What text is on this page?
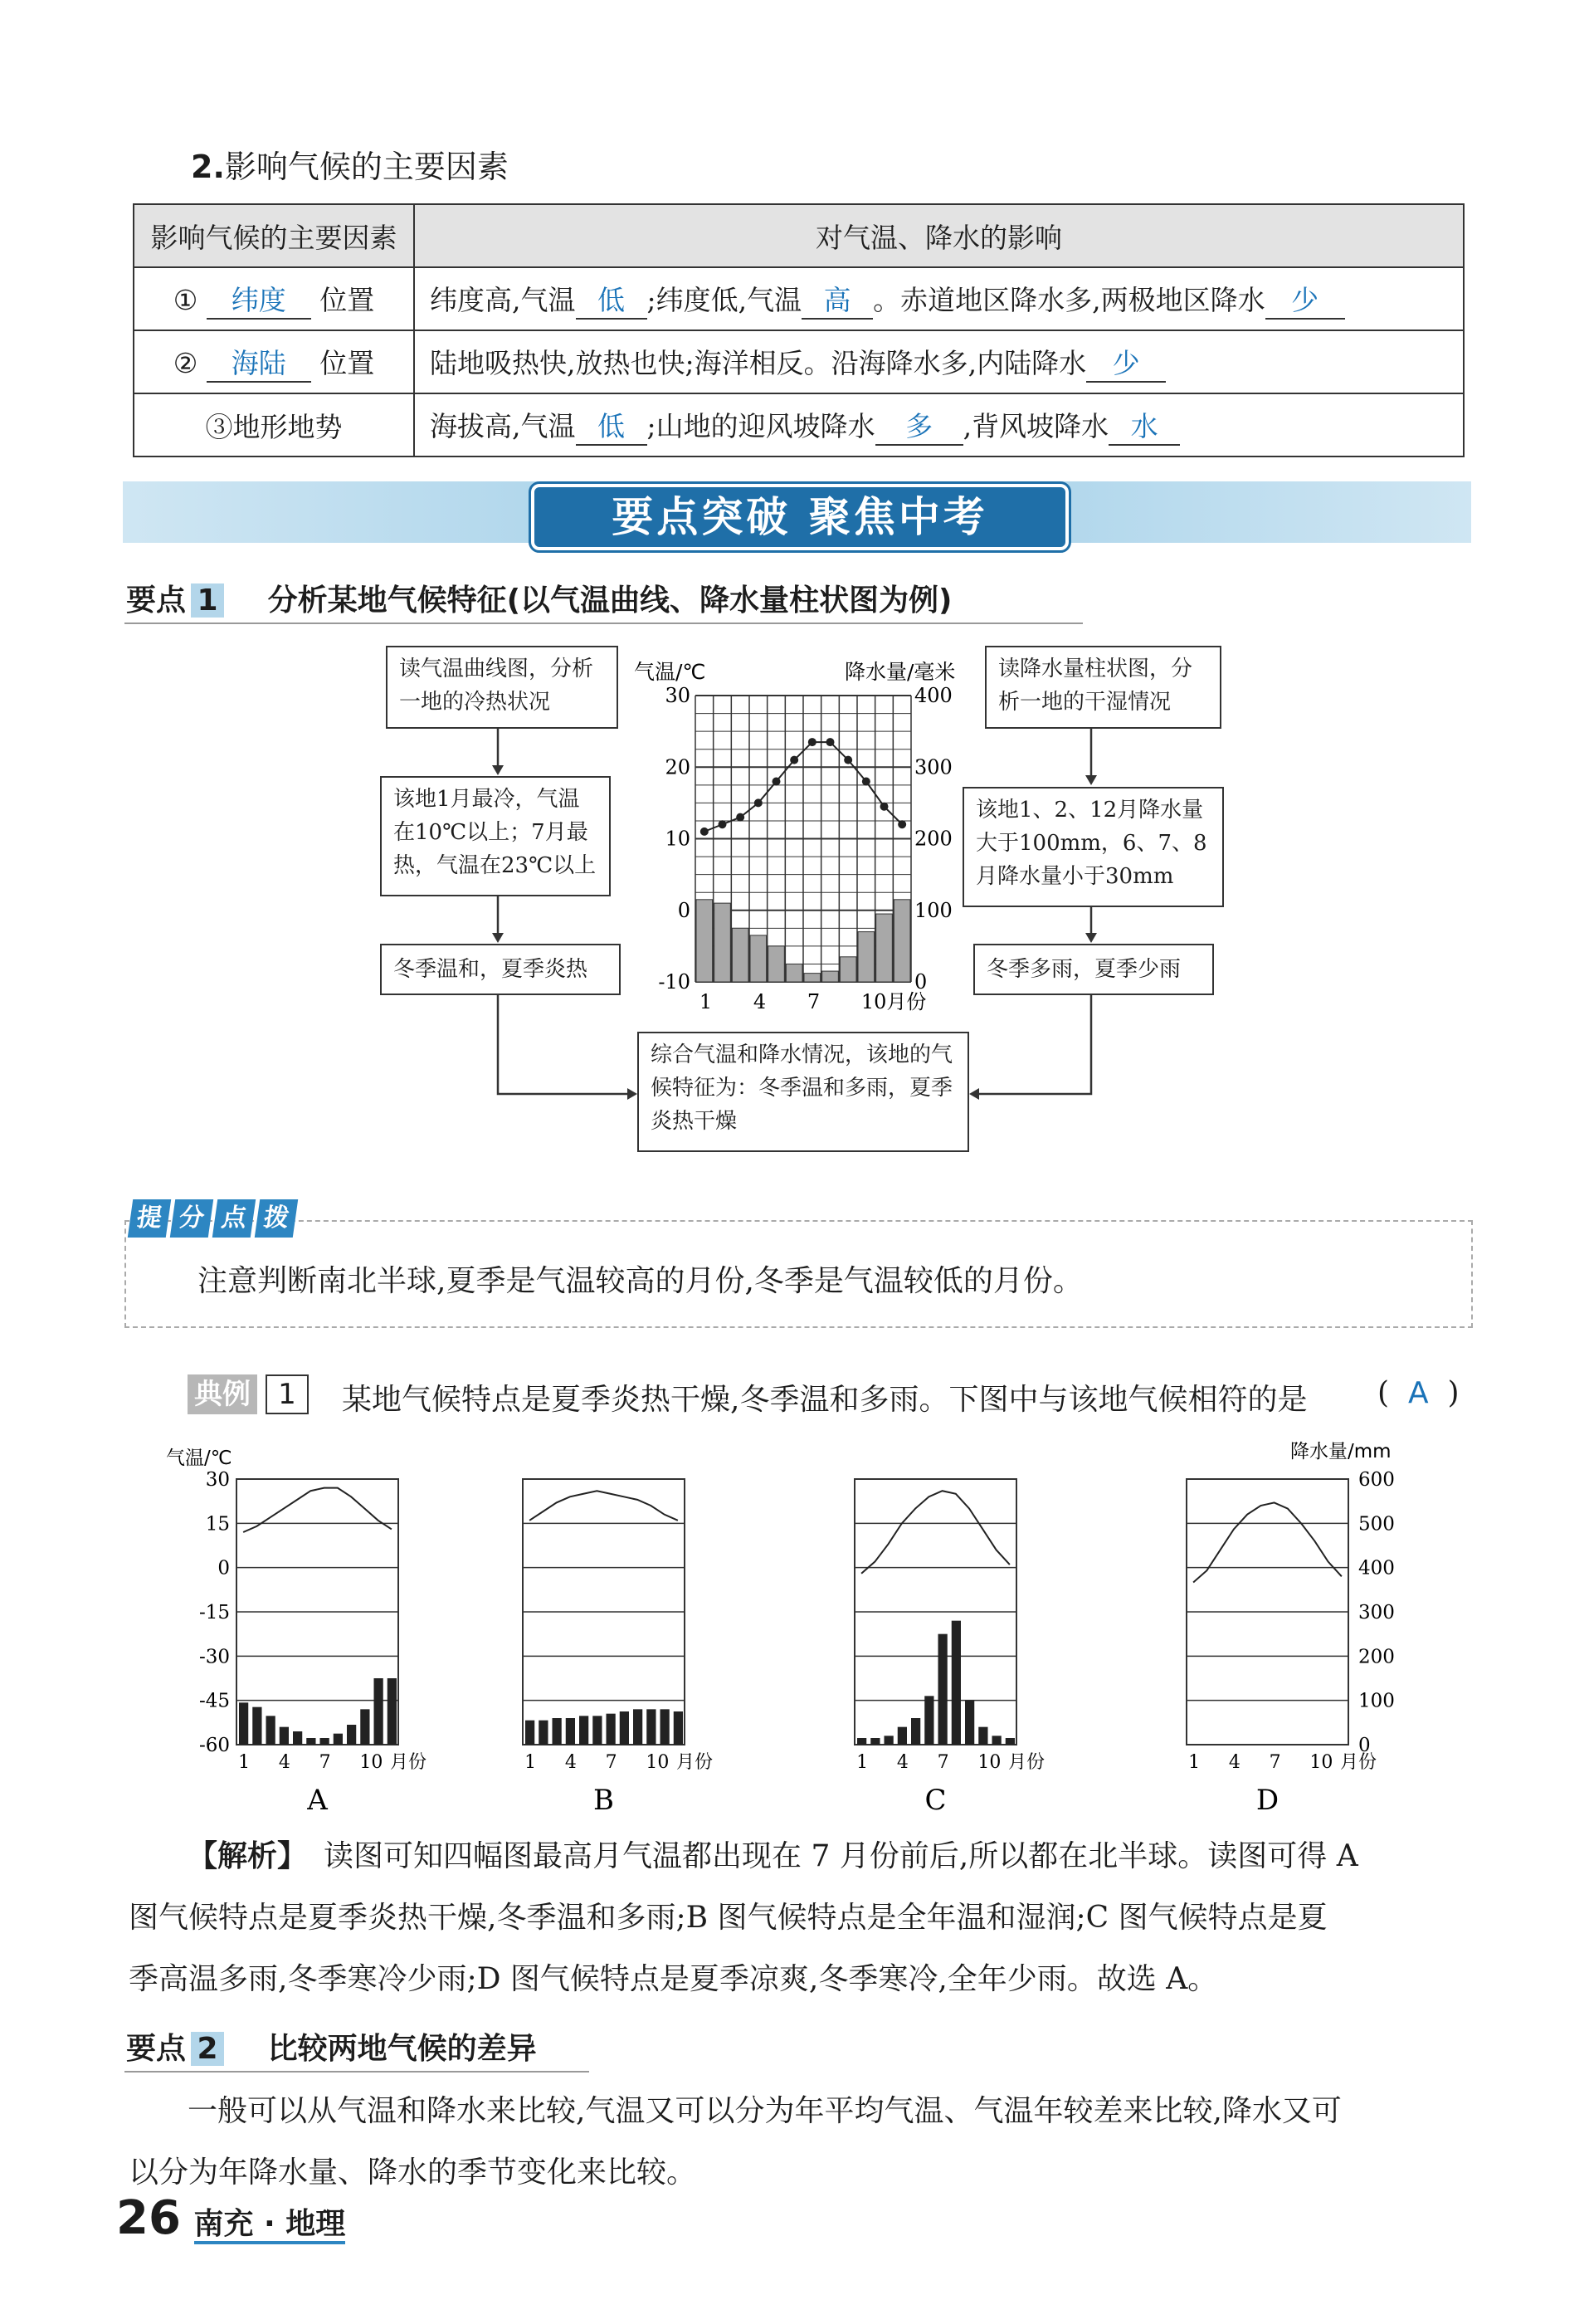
2.影响气候的主要因素
影响气候的主要因素	对气温、降水的影响
① 纬度 位置	纬度高,气温 低 ;纬度低,气温 高 。赤道地区降水多,两极地区降水 少
② 海陆 位置	陆地吸热快,放热也快;海洋相反。沿海降水多,内陆降水 少
③地形地势	海拔高,气温 低 ;山地的迎风坡降水 多 ,背风坡降水 水
要点突破 聚焦中考
要点 1 分析某地气候特征(以气温曲线、降水量柱状图为例)
读气温曲线图，分析一地的冷热状况
该地1月最冷，气温在10℃以上；7月最热，气温在23℃以上
冬季温和，夏季炎热
读降水量柱状图，分析一地的干湿情况
该地1、2、12月降水量大于100mm，6、7、8月降水量小于30mm
冬季多雨，夏季少雨
综合气温和降水情况，该地的气候特征为：冬季温和多雨，夏季炎热干燥
气温/℃	降水量/毫米
30
20
10
0
-10
400
300
200
100
0
1 4 7 10月份
提 分 点 拨
注意判断南北半球,夏季是气温较高的月份,冬季是气温较低的月份。
典例 1	某地气候特点是夏季炎热干燥,冬季温和多雨。下图中与该地气候相符的是 ( A )
1 4 7 10 月份
A
气温/℃
30
15
0
-15
-30
-45
-60
1 4 7 10 月份
B
1 4 7 10 月份
C
1 4 7 10 月份
D
降水量/mm
600
500
400
300
200
100
0
【解析】 读图可知四幅图最高月气温都出现在 7 月份前后,所以都在北半球。读图可得 A
图气候特点是夏季炎热干燥,冬季温和多雨;B 图气候特点是全年温和湿润;C 图气候特点是夏
季高温多雨,冬季寒冷少雨;D 图气候特点是夏季凉爽,冬季寒冷,全年少雨。故选 A。
要点 2 比较两地气候的差异
一般可以从气温和降水来比较,气温又可以分为年平均气温、气温年较差来比较,降水又可
以分为年降水量、降水的季节变化来比较。
26 南充 · 地理
